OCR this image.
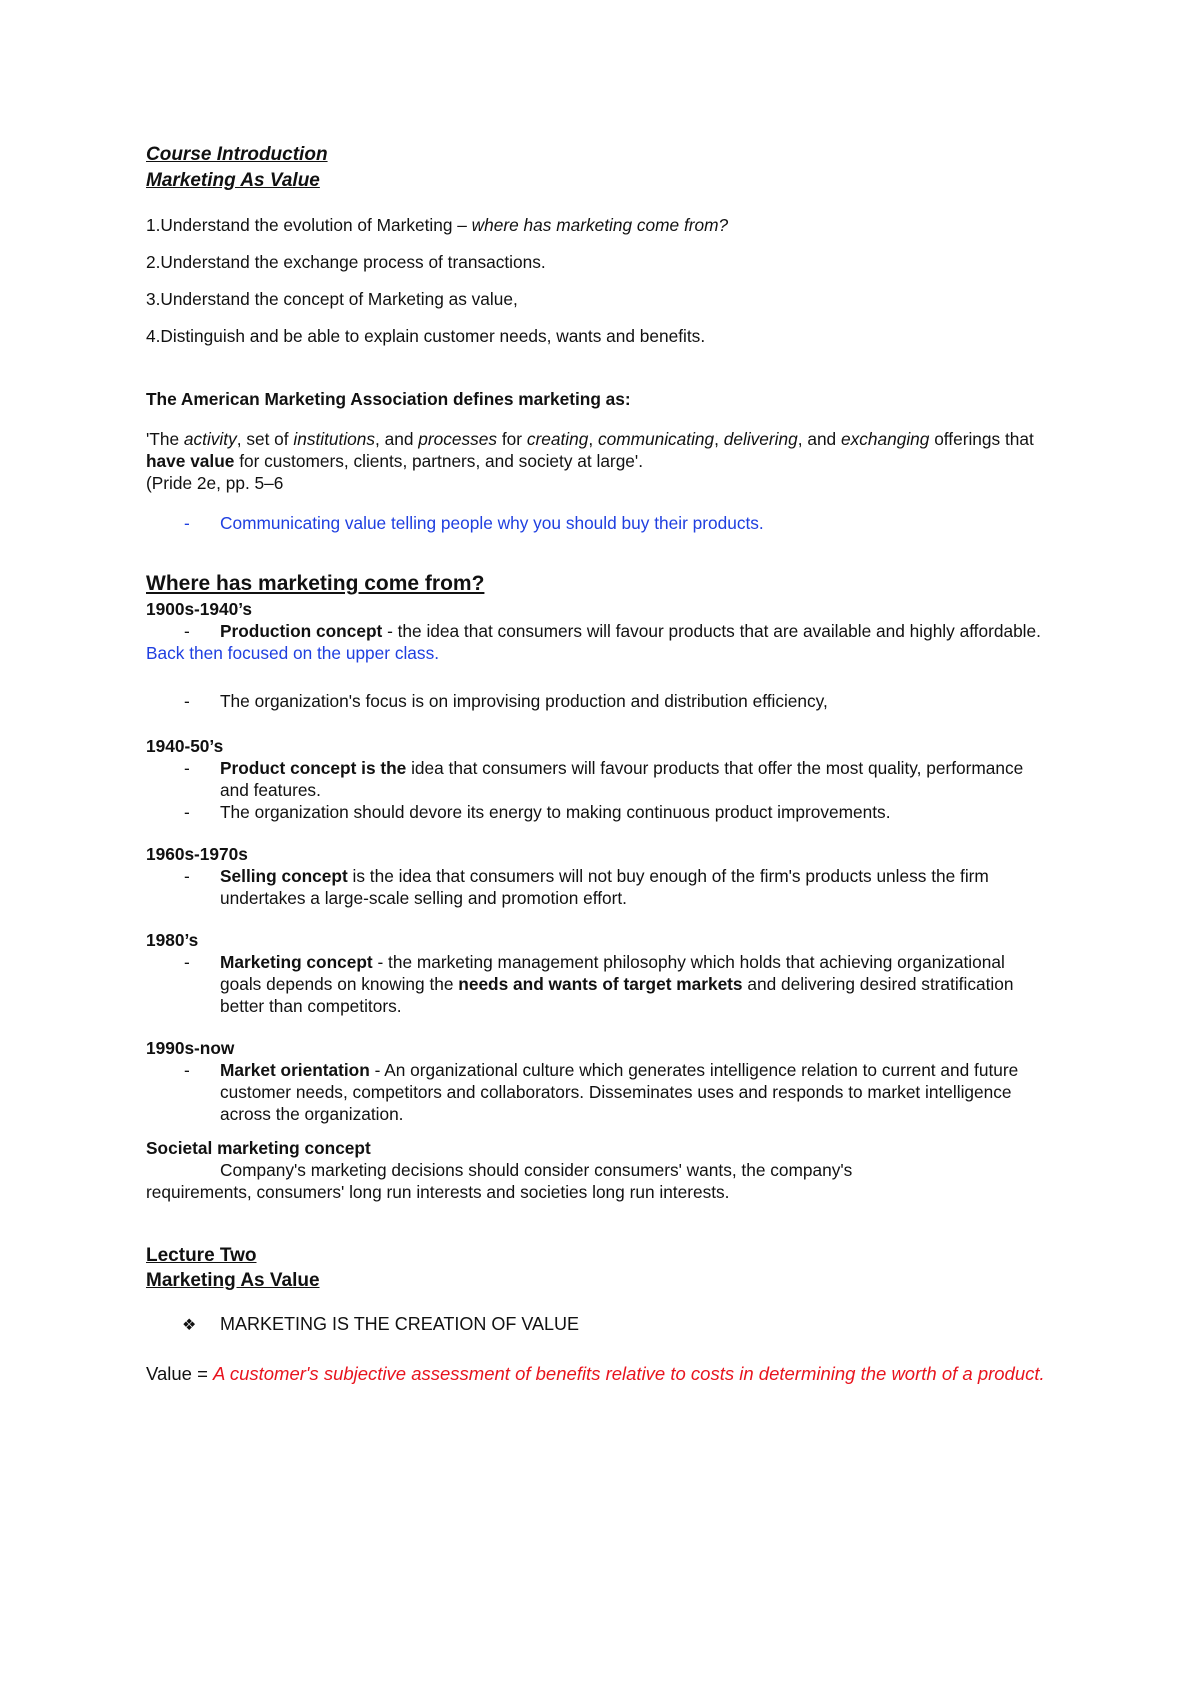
Course Introduction
Marketing As Value

1.Understand the evolution of Marketing – where has marketing come from?

2.Understand the exchange process of transactions.

3.Understand the concept of Marketing as value,

4.Distinguish and be able to explain customer needs, wants and benefits.

The American Marketing Association defines marketing as:

'The activity, set of institutions, and processes for creating, communicating, delivering, and exchanging offerings that have value for customers, clients, partners, and society at large'.

(Pride 2e, pp. 5–6

-	Communicating value telling people why you should buy their products.
Where has marketing come from?

1900s-1940’s

-	Production concept - the idea that consumers will favour products that are available and highly affordable.

Back then focused on the upper class.

-	The organization's focus is on improvising production and distribution efficiency,

1940-50’s

-	Product concept is the idea that consumers will favour products that offer the most quality, performance and features.
-	The organization should devore its energy to making continuous product improvements.

1960s-1970s

-	Selling concept is the idea that consumers will not buy enough of the firm's products unless the firm undertakes a large-scale selling and promotion effort.

1980’s

-	Marketing concept - the marketing management philosophy which holds that achieving organizational goals depends on knowing the needs and wants of target markets and delivering desired stratification better than competitors.

1990s-now

-	Market orientation - An organizational culture which generates intelligence relation to current and future customer needs, competitors and collaborators. Disseminates uses and responds to market intelligence across the organization.

Societal marketing concept

Company's marketing decisions should consider consumers' wants, the company's

requirements, consumers' long run interests and societies long run interests.

Lecture Two
Marketing As Value
❖	MARKETING IS THE CREATION OF VALUE

Value = A customer's subjective assessment of benefits relative to costs in determining the worth of a product.
